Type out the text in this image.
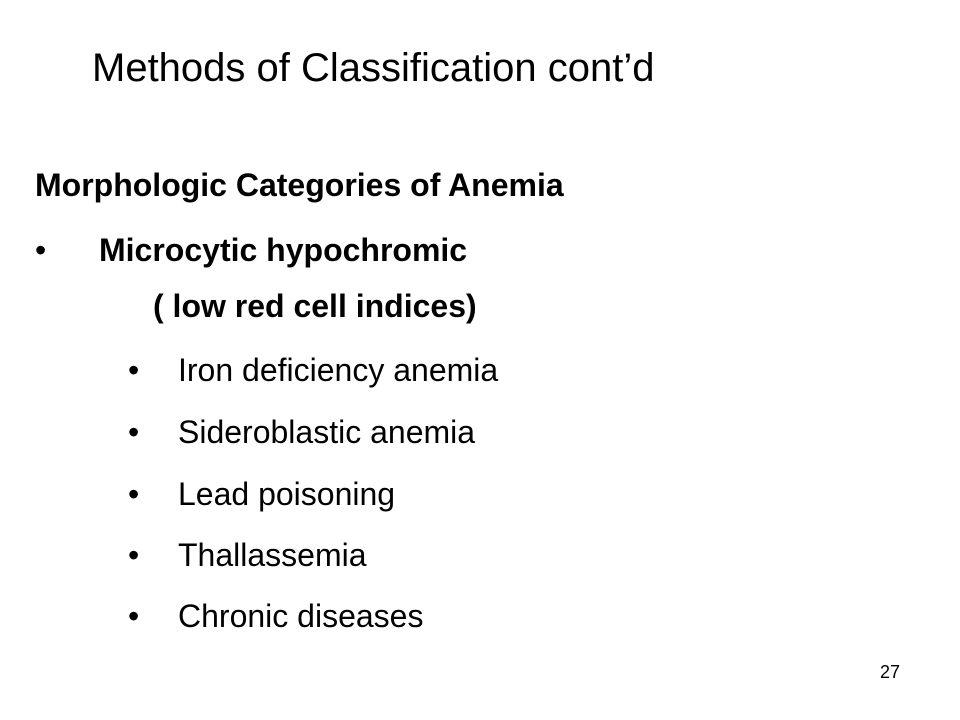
Methods of Classification cont’d
Morphologic Categories of Anemia
• Microcytic hypochromic
( low red cell indices)
• Iron deficiency anemia
• Sideroblastic anemia
• Lead poisoning
• Thallassemia
• Chronic diseases
27
